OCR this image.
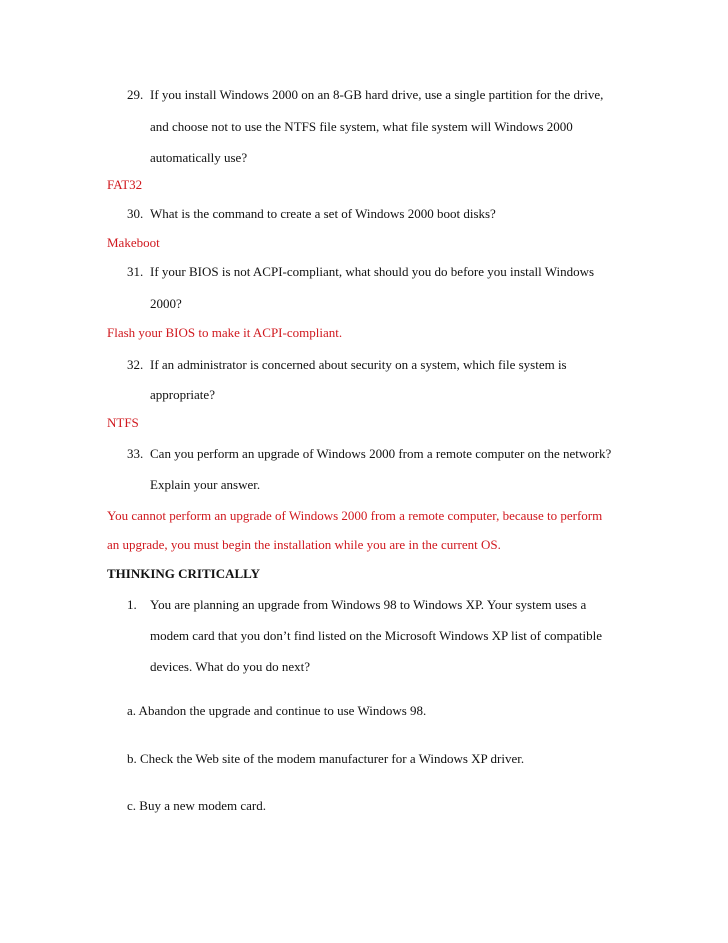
29. If you install Windows 2000 on an 8-GB hard drive, use a single partition for the drive,
and choose not to use the NTFS file system, what file system will Windows 2000
automatically use?
FAT32
30. What is the command to create a set of Windows 2000 boot disks?
Makeboot
31. If your BIOS is not ACPI-compliant, what should you do before you install Windows
2000?
Flash your BIOS to make it ACPI-compliant.
32. If an administrator is concerned about security on a system, which file system is
appropriate?
NTFS
33. Can you perform an upgrade of Windows 2000 from a remote computer on the network?
Explain your answer.
You cannot perform an upgrade of Windows 2000 from a remote computer, because to perform
an upgrade, you must begin the installation while you are in the current OS.
THINKING CRITICALLY
1. You are planning an upgrade from Windows 98 to Windows XP. Your system uses a
modem card that you don’t find listed on the Microsoft Windows XP list of compatible
devices. What do you do next?
a. Abandon the upgrade and continue to use Windows 98.
b. Check the Web site of the modem manufacturer for a Windows XP driver.
c. Buy a new modem card.
